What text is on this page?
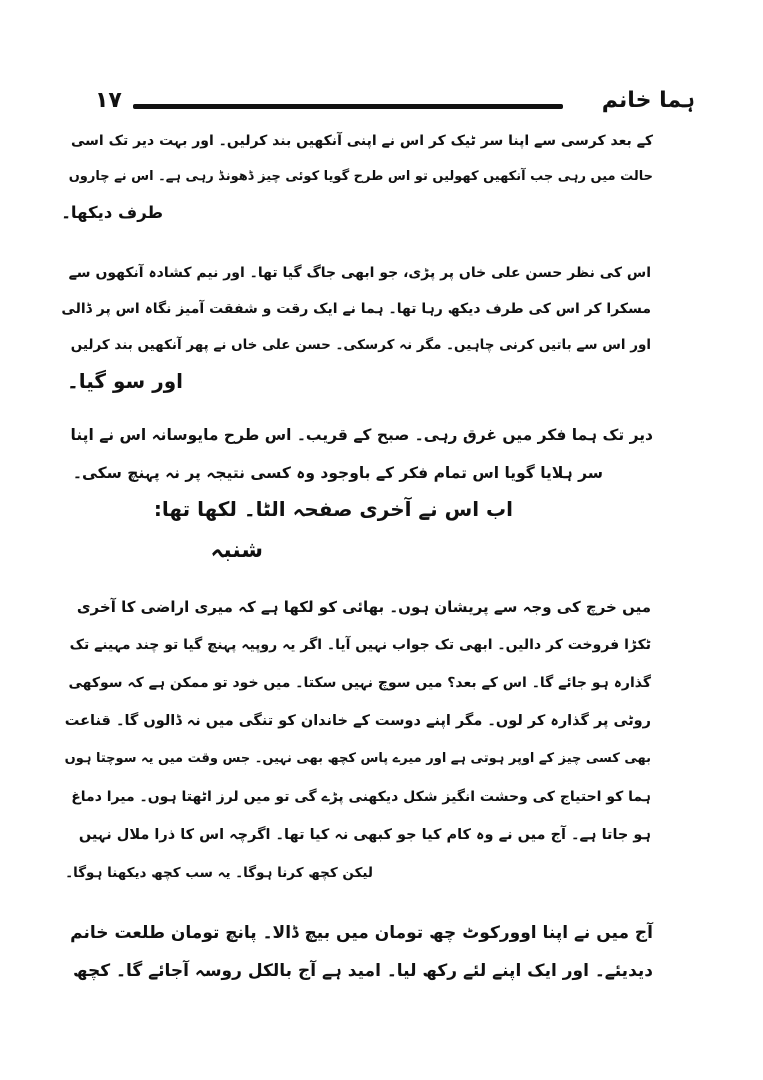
۱۷	ہما خانم
کے بعد کرسی سے اپنا سر ٹیک کر اس نے اپنی آنکھیں بند کرلیں۔ اور بہت دیر تک اسی
حالت میں رہی جب آنکھیں کھولیں تو اس طرح گویا کوئی چیز ڈھونڈ رہی ہے۔ اس نے چاروں
طرف دیکھا۔
اس کی نظر حسن علی خاں پر پڑی، جو ابھی جاگ گیا تھا۔ اور نیم کشادہ آنکھوں سے
مسکرا کر اس کی طرف دیکھ رہا تھا۔ ہما نے ایک رقت و شفقت آمیز نگاہ اس پر ڈالی
اور اس سے باتیں کرنی چاہیں۔ مگر نہ کرسکی۔ حسن علی خاں نے پھر آنکھیں بند کرلیں
اور سو گیا۔
دیر تک ہما فکر میں غرق رہی۔ صبح کے قریب۔ اس طرح مایوسانہ اس نے اپنا
سر ہلایا گویا اس تمام فکر کے باوجود وہ کسی نتیجہ پر نہ پہنچ سکی۔
اب اس نے آخری صفحہ الٹا۔ لکھا تھا:
شنبہ
میں خرچ کی وجہ سے پریشان ہوں۔ بھائی کو لکھا ہے کہ میری اراضی کا آخری
ٹکڑا فروخت کر دالیں۔ ابھی تک جواب نہیں آیا۔ اگر یہ روپیہ پہنچ گیا تو چند مہینے تک
گذارہ ہو جائے گا۔ اس کے بعد؟ میں سوچ نہیں سکتا۔ میں خود تو ممکن ہے کہ سوکھی
روٹی پر گذارہ کر لوں۔ مگر اپنے دوست کے خاندان کو تنگی میں نہ ڈالوں گا۔ قناعت
بھی کسی چیز کے اوپر ہوتی ہے اور میرے پاس کچھ بھی نہیں۔ جس وقت میں یہ سوچتا ہوں
ہما کو احتیاج کی وحشت انگیز شکل دیکھنی پڑے گی تو میں لرز اٹھتا ہوں۔ میرا دماغ
ہو جاتا ہے۔ آج میں نے وہ کام کیا جو کبھی نہ کیا تھا۔ اگرچہ اس کا ذرا ملال نہیں
لیکن کچھ کرنا ہوگا۔ یہ سب کچھ دیکھنا ہوگا۔
آج میں نے اپنا اوورکوٹ چھ تومان میں بیچ ڈالا۔ پانچ تومان طلعت خانم
دیدیئے۔ اور ایک اپنے لئے رکھ لیا۔ امید ہے آج بالکل روسہ آجائے گا۔ کچھ
